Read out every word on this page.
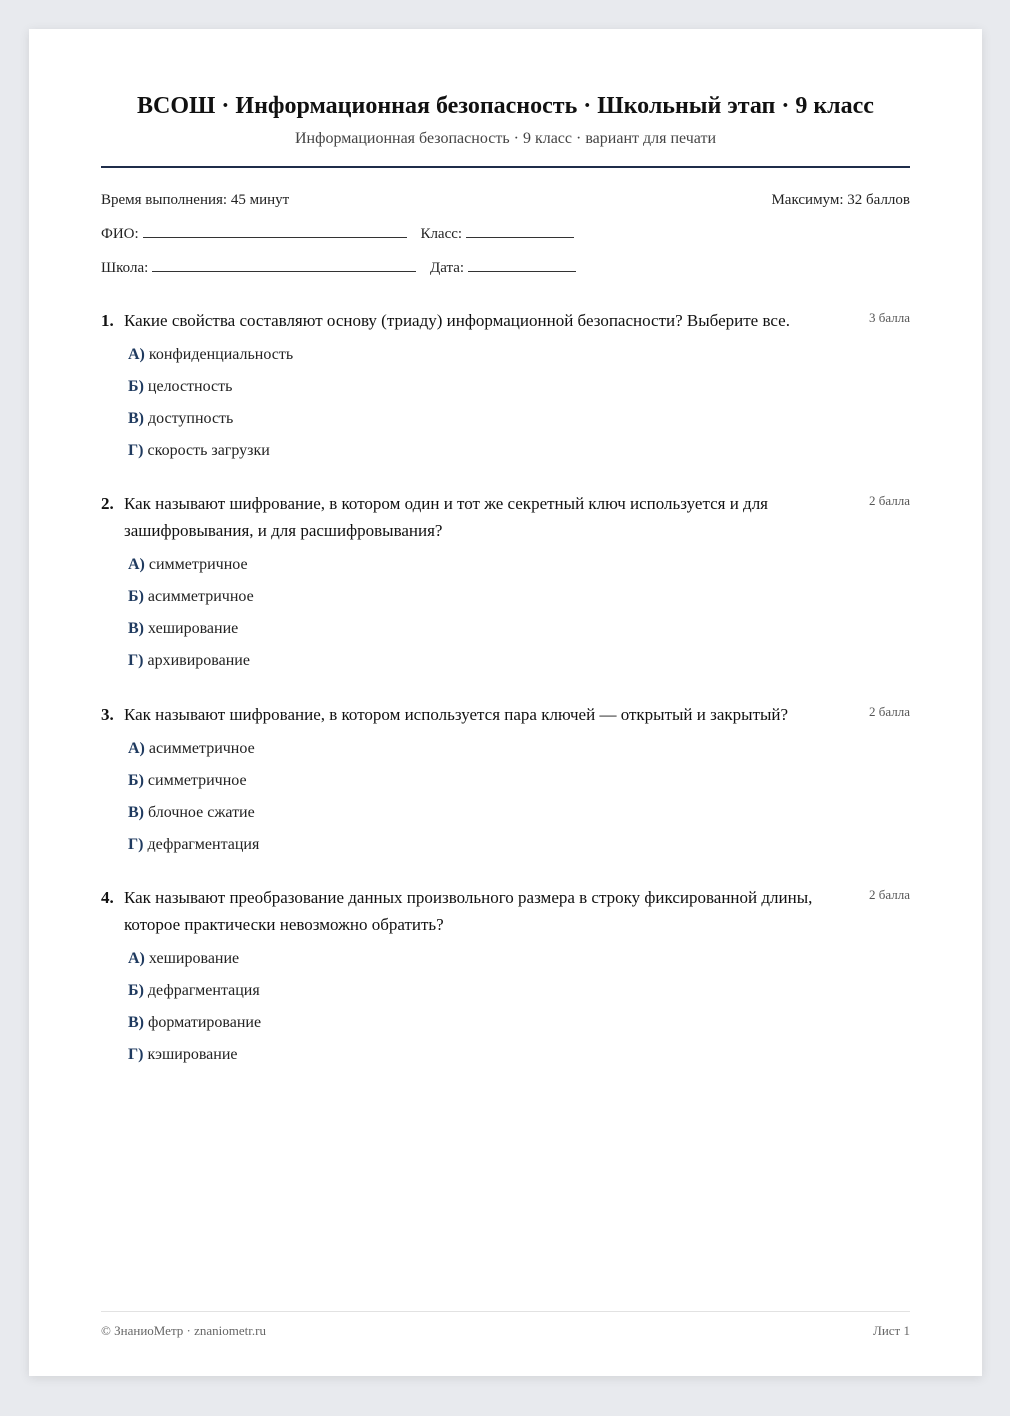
ВСОШ · Информационная безопасность · Школьный этап · 9 класс
Информационная безопасность · 9 класс · вариант для печати
Время выполнения: 45 минут	Максимум: 32 баллов
ФИО:	Класс:
Школа:	Дата:
1. Какие свойства составляют основу (триаду) информационной безопасности? Выберите все.	3 балла
А) конфиденциальность
Б) целостность
В) доступность
Г) скорость загрузки
2. Как называют шифрование, в котором один и тот же секретный ключ используется и для зашифровывания, и для расшифровывания?
2 балла
А) симметричное
Б) асимметричное
В) хеширование
Г) архивирование
3. Как называют шифрование, в котором используется пара ключей — открытый и закрытый?	2 балла
А) асимметричное
Б) симметричное
В) блочное сжатие
Г) дефрагментация
4. Как называют преобразование данных произвольного размера в строку фиксированной длины, которое практически невозможно обратить?
2 балла
А) хеширование
Б) дефрагментация
В) форматирование
Г) кэширование
© ЗнаниоМетр · znaniometr.ru	Лист 1
